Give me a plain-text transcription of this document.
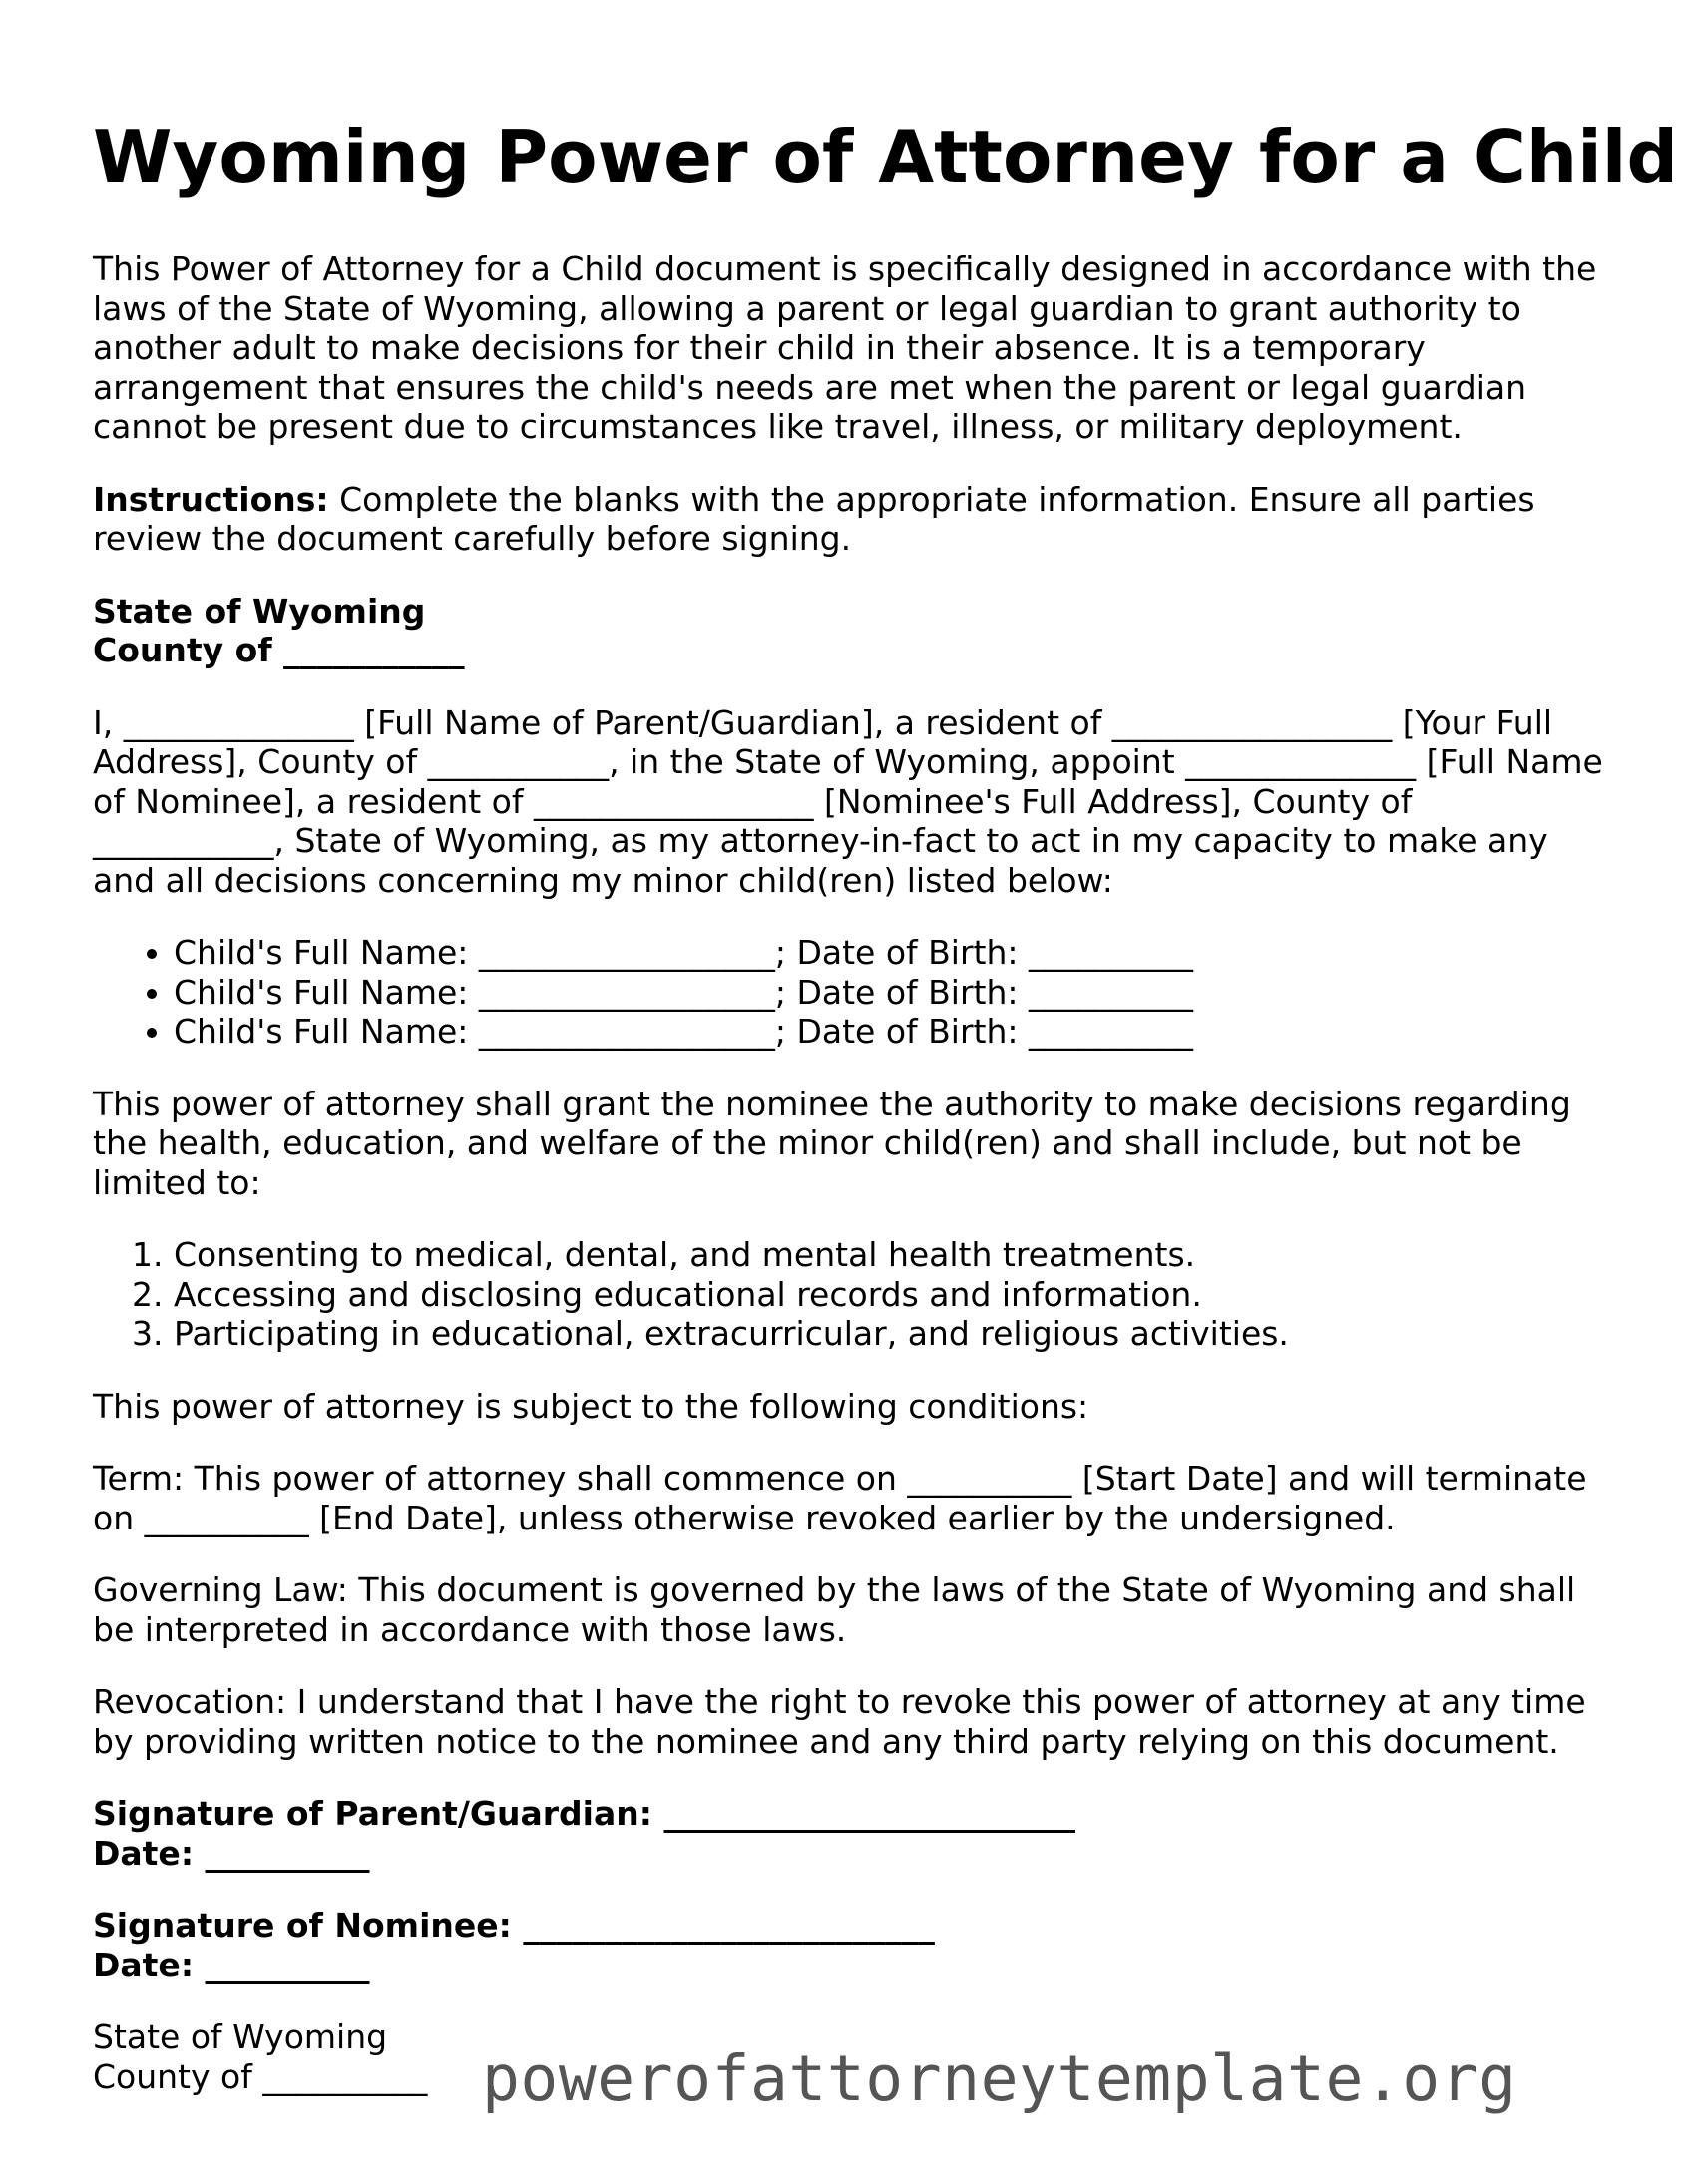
Wyoming Power of Attorney for a Child

This Power of Attorney for a Child document is specifically designed in accordance with the laws of the State of Wyoming, allowing a parent or legal guardian to grant authority to another adult to make decisions for their child in their absence. It is a temporary arrangement that ensures the child's needs are met when the parent or legal guardian cannot be present due to circumstances like travel, illness, or military deployment.

Instructions: Complete the blanks with the appropriate information. Ensure all parties review the document carefully before signing.

State of Wyoming
County of ___________

I, ______________ [Full Name of Parent/Guardian], a resident of _________________ [Your Full Address], County of ___________, in the State of Wyoming, appoint ______________ [Full Name of Nominee], a resident of _________________ [Nominee's Full Address], County of ___________, State of Wyoming, as my attorney-in-fact to act in my capacity to make any and all decisions concerning my minor child(ren) listed below:

• Child's Full Name: __________________; Date of Birth: __________
• Child's Full Name: __________________; Date of Birth: __________
• Child's Full Name: __________________; Date of Birth: __________

This power of attorney shall grant the nominee the authority to make decisions regarding the health, education, and welfare of the minor child(ren) and shall include, but not be limited to:

1. Consenting to medical, dental, and mental health treatments.
2. Accessing and disclosing educational records and information.
3. Participating in educational, extracurricular, and religious activities.

This power of attorney is subject to the following conditions:

Term: This power of attorney shall commence on __________ [Start Date] and will terminate on __________ [End Date], unless otherwise revoked earlier by the undersigned.

Governing Law: This document is governed by the laws of the State of Wyoming and shall be interpreted in accordance with those laws.

Revocation: I understand that I have the right to revoke this power of attorney at any time by providing written notice to the nominee and any third party relying on this document.

Signature of Parent/Guardian: _________________________
Date: __________

Signature of Nominee: _________________________
Date: __________

State of Wyoming
County of __________ powerofattorneytemplate.org
